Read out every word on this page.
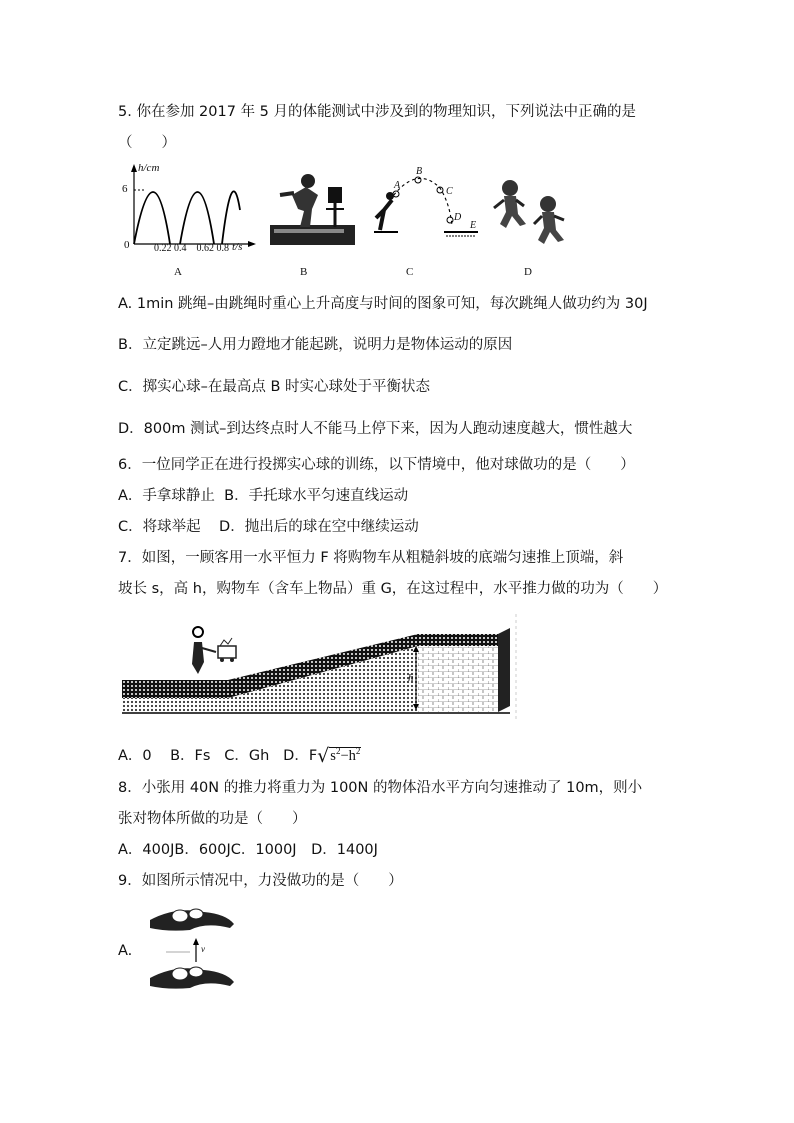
5. 你在参加 2017 年 5 月的体能测试中涉及到的物理知识，下列说法中正确的是
（　　）
h/cm
6
0 0.22 0.4    0.62 0.8 t/s
A	B
A
B
C
D
E
C	D
A. 1min 跳绳–由跳绳时重心上升高度与时间的图象可知，每次跳绳人做功约为 30J
B．立定跳远–人用力蹬地才能起跳，说明力是物体运动的原因
C．掷实心球–在最高点 B 时实心球处于平衡状态
D．800m 测试–到达终点时人不能马上停下来，因为人跑动速度越大，惯性越大
6．一位同学正在进行投掷实心球的训练，以下情境中，他对球做功的是（　　）
A．手拿球静止  B．手托球水平匀速直线运动
C．将球举起    D．抛出后的球在空中继续运动
7．如图，一顾客用一水平恒力 F 将购物车从粗糙斜坡的底端匀速推上顶端，斜
坡长 s，高 h，购物车（含车上物品）重 G，在这过程中，水平推力做的功为（　　）
h
A．0 B．Fs C．Gh D．$F√s^2-h^2$
8．小张用 40N 的推力将重力为 100N 的物体沿水平方向匀速推动了 10m，则小
张对物体所做的功是（　　）
A．400JB．600JC．1000J　D．1400J
9．如图所示情况中，力没做功的是（　　）
A.	v
